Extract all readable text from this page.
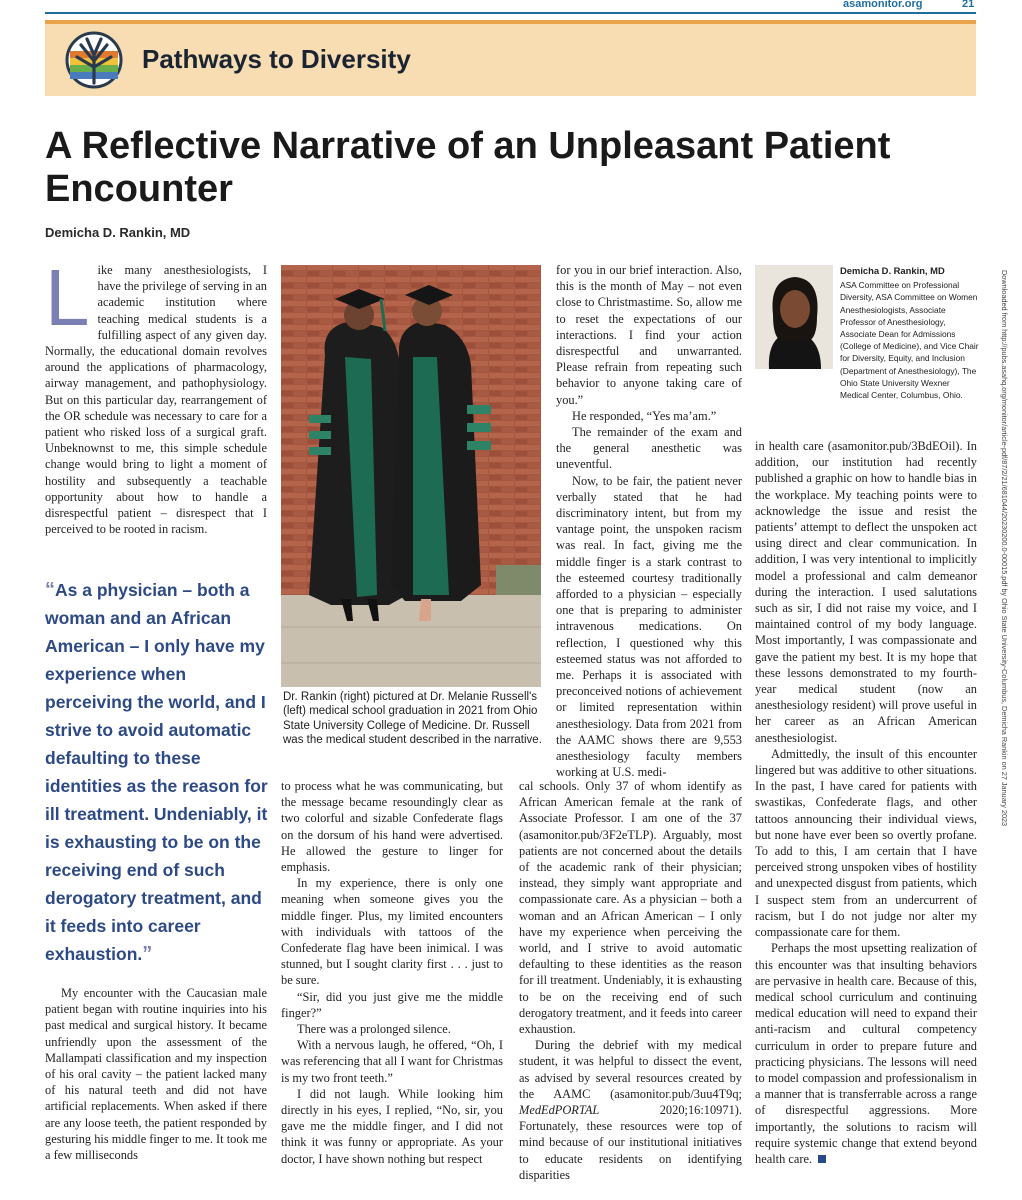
asamonitor.org	21
Pathways to Diversity
A Reflective Narrative of an Unpleasant Patient Encounter
Demicha D. Rankin, MD
L ike many anesthesiologists, I have the privilege of serving in an academic institution where teaching medical students is a fulfilling aspect of any given day. Normally, the educational domain revolves around the applications of pharmacology, airway management, and pathophysiology. But on this particular day, rearrangement of the OR schedule was necessary to care for a patient who risked loss of a surgical graft. Unbeknownst to me, this simple schedule change would bring to light a moment of hostility and subsequently a teachable opportunity about how to handle a disrespectful patient – disrespect that I perceived to be rooted in racism.

“As a physician – both a woman and an African American – I only have my experience when perceiving the world, and I strive to avoid automatic defaulting to these identities as the reason for ill treatment. Undeniably, it is exhausting to be on the receiving end of such derogatory treatment, and it feeds into career exhaustion.”

My encounter with the Caucasian male patient began with routine inquiries into his past medical and surgical history. It became unfriendly upon the assessment of the Mallampati classification and my inspection of his oral cavity – the patient lacked many of his natural teeth and did not have artificial replacements. When asked if there are any loose teeth, the patient responded by gesturing his middle finger to me. It took me a few milliseconds

Dr. Rankin (right) pictured at Dr. Melanie Russell's (left) medical school graduation in 2021 from Ohio State University College of Medicine. Dr. Russell was the medical student described in the narrative.

to process what he was communicating, but the message became resoundingly clear as two colorful and sizable Confederate flags on the dorsum of his hand were advertised. He allowed the gesture to linger for emphasis.

In my experience, there is only one meaning when someone gives you the middle finger. Plus, my limited encounters with individuals with tattoos of the Confederate flag have been inimical. I was stunned, but I sought clarity first . . . just to be sure.

“Sir, did you just give me the middle finger?”

There was a prolonged silence.

With a nervous laugh, he offered, “Oh, I was referencing that all I want for Christmas is my two front teeth.”

I did not laugh. While looking him directly in his eyes, I replied, “No, sir, you gave me the middle finger, and I did not think it was funny or appropriate. As your doctor, I have shown nothing but respect

for you in our brief interaction. Also, this is the month of May – not even close to Christmastime. So, allow me to reset the expectations of our interactions. I find your action disrespectful and unwarranted. Please refrain from repeating such behavior to anyone taking care of you.”

He responded, “Yes ma’am.”

The remainder of the exam and the general anesthetic was uneventful.

Now, to be fair, the patient never verbally stated that he had discriminatory intent, but from my vantage point, the unspoken racism was real. In fact, giving me the middle finger is a stark contrast to the esteemed courtesy traditionally afforded to a physician – especially one that is preparing to administer intravenous medications. On reflection, I questioned why this esteemed status was not afforded to me. Perhaps it is associated with preconceived notions of achievement or limited representation within anesthesiology. Data from 2021 from the AAMC shows there are 9,553 anesthesiology faculty members working at U.S. medi-

cal schools. Only 37 of whom identify as African American female at the rank of Associate Professor. I am one of the 37 (asamonitor.pub/3F2eTLP). Arguably, most patients are not concerned about the details of the academic rank of their physician; instead, they simply want appropriate and compassionate care. As a physician – both a woman and an African American – I only have my experience when perceiving the world, and I strive to avoid automatic defaulting to these identities as the reason for ill treatment. Undeniably, it is exhausting to be on the receiving end of such derogatory treatment, and it feeds into career exhaustion.

During the debrief with my medical student, it was helpful to dissect the event, as advised by several resources created by the AAMC (asamonitor.pub/3uu4T9q; MedEdPORTAL 2020;16:10971). Fortunately, these resources were top of mind because of our institutional initiatives to educate residents on identifying disparities

Demicha D. Rankin, MD
ASA Committee on Professional Diversity, ASA Committee on Women Anesthesiologists, Associate Professor of Anesthesiology, Associate Dean for Admissions (College of Medicine), and Vice Chair for Diversity, Equity, and Inclusion (Department of Anesthesiology), The Ohio State University Wexner Medical Center, Columbus, Ohio.

in health care (asamonitor.pub/3BdEOil). In addition, our institution had recently published a graphic on how to handle bias in the workplace. My teaching points were to acknowledge the issue and resist the patients’ attempt to deflect the unspoken act using direct and clear communication. In addition, I was very intentional to implicitly model a professional and calm demeanor during the interaction. I used salutations such as sir, I did not raise my voice, and I maintained control of my body language. Most importantly, I was compassionate and gave the patient my best. It is my hope that these lessons demonstrated to my fourth-year medical student (now an anesthesiology resident) will prove useful in her career as an African American anesthesiologist.

Admittedly, the insult of this encounter lingered but was additive to other situations. In the past, I have cared for patients with swastikas, Confederate flags, and other tattoos announcing their individual views, but none have ever been so overtly profane. To add to this, I am certain that I have perceived strong unspoken vibes of hostility and unexpected disgust from patients, which I suspect stem from an undercurrent of racism, but I do not judge nor alter my compassionate care for them.

Perhaps the most upsetting realization of this encounter was that insulting behaviors are pervasive in health care. Because of this, medical school curriculum and continuing medical education will need to expand their anti-racism and cultural competency curriculum in order to prepare future and practicing physicians. The lessons will need to model compassion and professionalism in a manner that is transferrable across a range of disrespectful aggressions. More importantly, the solutions to racism will require systemic change that extend beyond health care.

Downloaded from http://pubs.asahq.org/monitor/article-pdf/87/2/21/681044/20230200.0-00015.pdf by Ohio State University-Columbus, Demicha Rankin on 27 January 2023
